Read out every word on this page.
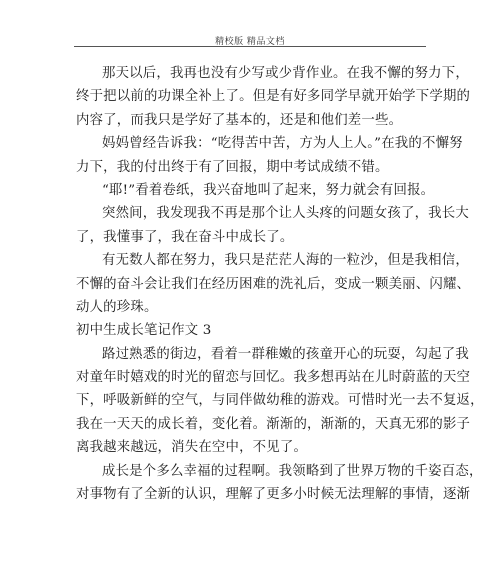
精校版 精品文档
那天以后，我再也没有少写或少背作业。在我不懈的努力下，
终于把以前的功课全补上了。但是有好多同学早就开始学下学期的
内容了，而我只是学好了基本的，还是和他们差一些。
妈妈曾经告诉我：“吃得苦中苦，方为人上人。”在我的不懈努
力下，我的付出终于有了回报，期中考试成绩不错。
“耶!”看着卷纸，我兴奋地叫了起来，努力就会有回报。
突然间，我发现我不再是那个让人头疼的问题女孩了，我长大
了，我懂事了，我在奋斗中成长了。
有无数人都在努力，我只是茫茫人海的一粒沙，但是我相信，
不懈的奋斗会让我们在经历困难的洗礼后，变成一颗美丽、闪耀、
动人的珍珠。
初中生成长笔记作文 3
路过熟悉的街边，看着一群稚嫩的孩童开心的玩耍，勾起了我
对童年时嬉戏的时光的留恋与回忆。我多想再站在儿时蔚蓝的天空
下，呼吸新鲜的空气，与同伴做幼稚的游戏。可惜时光一去不复返，
我在一天天的成长着，变化着。渐渐的，渐渐的，天真无邪的影子
离我越来越远，消失在空中，不见了。
成长是个多么幸福的过程啊。我领略到了世界万物的千姿百态，
对事物有了全新的认识，理解了更多小时候无法理解的事情，逐渐
